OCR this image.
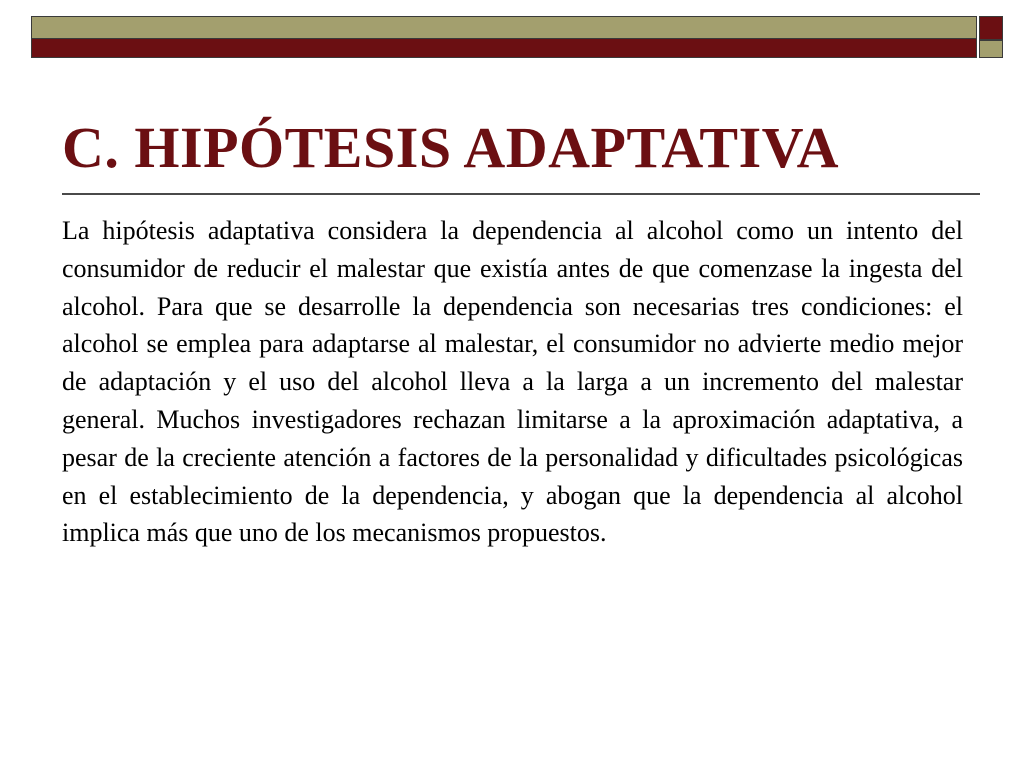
C. HIPÓTESIS ADAPTATIVA

La hipótesis adaptativa considera la dependencia al alcohol como un intento del consumidor de reducir el malestar que existía antes de que comenzase la ingesta del alcohol. Para que se desarrolle la dependencia son necesarias tres condiciones: el alcohol se emplea para adaptarse al malestar, el consumidor no advierte medio mejor de adaptación y el uso del alcohol lleva a la larga a un incremento del malestar general. Muchos investigadores rechazan limitarse a la aproximación adaptativa, a pesar de la creciente atención a factores de la personalidad y dificultades psicológicas en el establecimiento de la dependencia, y abogan que la dependencia al alcohol implica más que uno de los mecanismos propuestos.
